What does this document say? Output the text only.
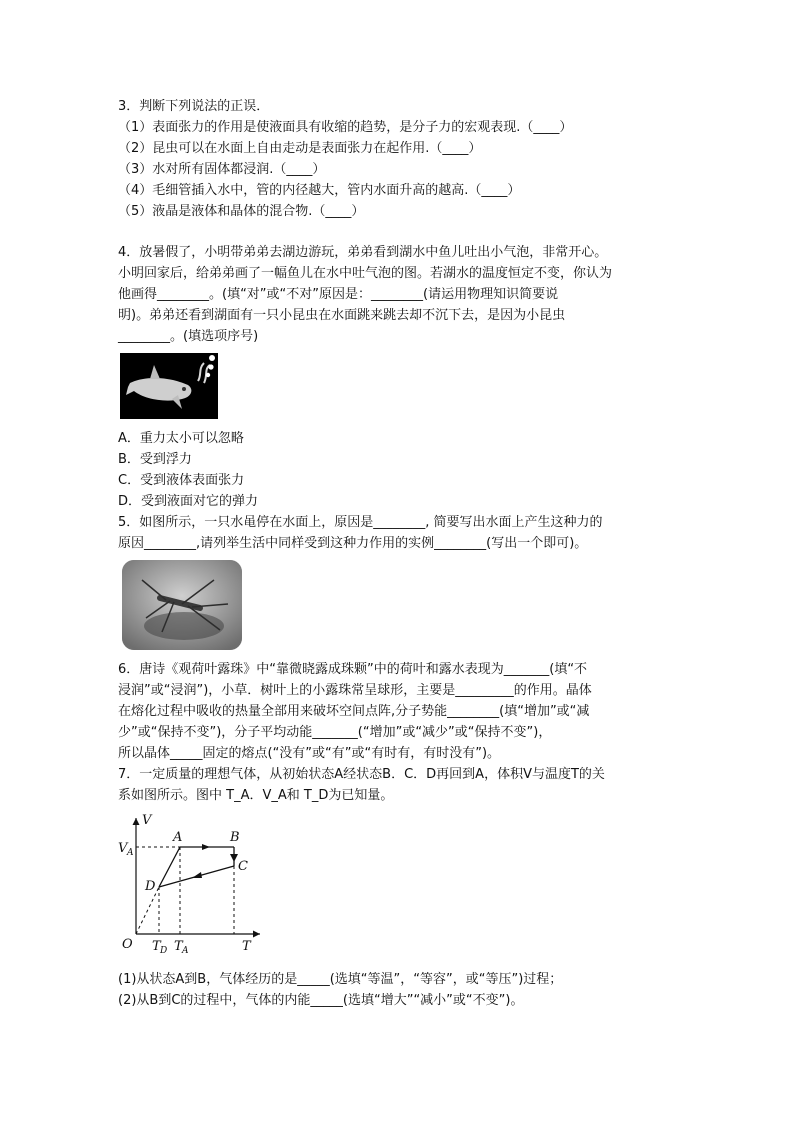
3．判断下列说法的正误．
（1）表面张力的作用是使液面具有收缩的趋势，是分子力的宏观表现.（____）
（2）昆虫可以在水面上自由走动是表面张力在起作用.（____）
（3）水对所有固体都浸润.（____）
（4）毛细管插入水中，管的内径越大，管内水面升高的越高.（____）
（5）液晶是液体和晶体的混合物.（____）
4．放暑假了，小明带弟弟去湖边游玩，弟弟看到湖水中鱼儿吐出小气泡，非常开心。
小明回家后，给弟弟画了一幅鱼儿在水中吐气泡的图。若湖水的温度恒定不变，你认为
他画得________。(填“对”或“不对”原因是：________(请运用物理知识简要说
明)。弟弟还看到湖面有一只小昆虫在水面跳来跳去却不沉下去，是因为小昆虫
________。(填选项序号)
A．重力太小可以忽略
B．受到浮力
C．受到液体表面张力
D．受到液面对它的弹力
5．如图所示，一只水黾停在水面上，原因是________, 简要写出水面上产生这种力的
原因________,请列举生活中同样受到这种力作用的实例________(写出一个即可)。
6．唐诗《观荷叶露珠》中“靠微晓露成珠颗”中的荷叶和露水表现为_______(填“不
浸润”或“浸润”)，小草．树叶上的小露珠常呈球形，主要是_________的作用。晶体
在熔化过程中吸收的热量全部用来破坏空间点阵,分子势能________(填“增加”或“减
少”或“保持不变”)，分子平均动能_______(“增加”或“减少”或“保持不变”)，
所以晶体_____固定的熔点(“没有”或“有”或“有时有，有时没有”)。
7．一定质量的理想气体，从初始状态A经状态B．C．D再回到A，体积V与温度T的关
系如图所示。图中 T_A．V_A和 T_D为已知量。
V
V A
A	B
C
D
O T D T A	T
(1)从状态A到B，气体经历的是_____(选填“等温”，“等容”，或“等压”)过程；
(2)从B到C的过程中，气体的内能_____(选填“增大”“减小”或“不变”)。
